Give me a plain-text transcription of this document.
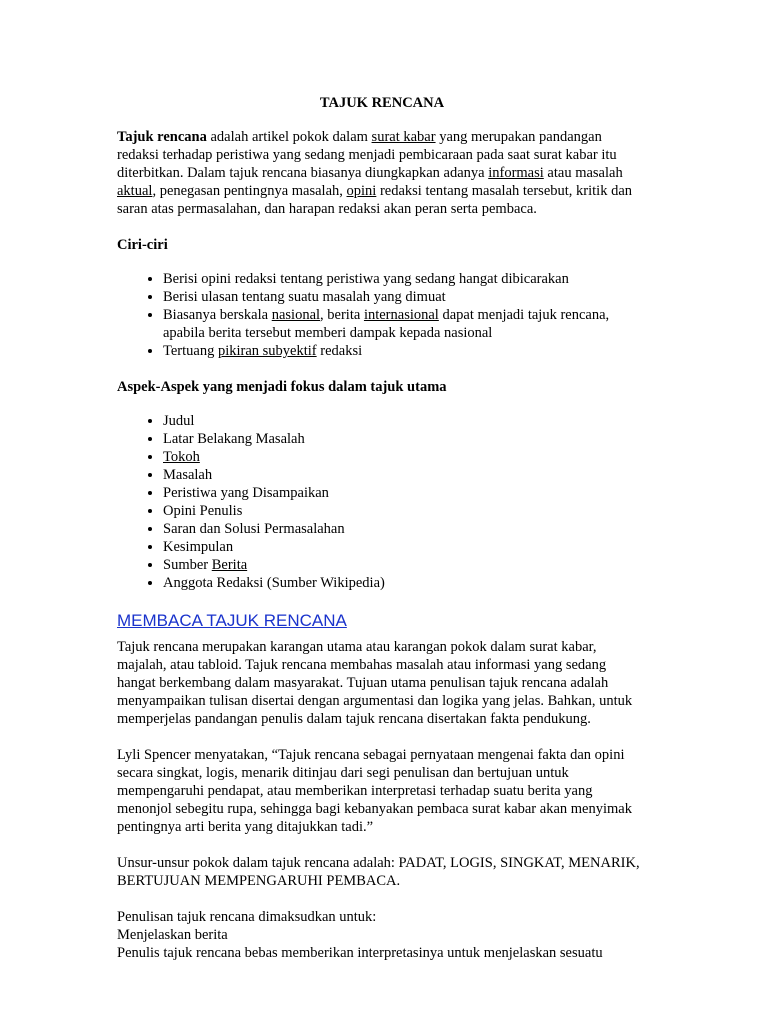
TAJUK RENCANA

Tajuk rencana adalah artikel pokok dalam surat kabar yang merupakan pandangan redaksi terhadap peristiwa yang sedang menjadi pembicaraan pada saat surat kabar itu diterbitkan. Dalam tajuk rencana biasanya diungkapkan adanya informasi atau masalah aktual, penegasan pentingnya masalah, opini redaksi tentang masalah tersebut, kritik dan saran atas permasalahan, dan harapan redaksi akan peran serta pembaca.

Ciri-ciri
• Berisi opini redaksi tentang peristiwa yang sedang hangat dibicarakan
• Berisi ulasan tentang suatu masalah yang dimuat
• Biasanya berskala nasional, berita internasional dapat menjadi tajuk rencana, apabila berita tersebut memberi dampak kepada nasional
• Tertuang pikiran subyektif redaksi
Aspek-Aspek yang menjadi fokus dalam tajuk utama
• Judul
• Latar Belakang Masalah
• Tokoh
• Masalah
• Peristiwa yang Disampaikan
• Opini Penulis
• Saran dan Solusi Permasalahan
• Kesimpulan
• Sumber Berita
• Anggota Redaksi (Sumber Wikipedia)
MEMBACA TAJUK RENCANA

Tajuk rencana merupakan karangan utama atau karangan pokok dalam surat kabar, majalah, atau tabloid. Tajuk rencana membahas masalah atau informasi yang sedang hangat berkembang dalam masyarakat. Tujuan utama penulisan tajuk rencana adalah menyampaikan tulisan disertai dengan argumentasi dan logika yang jelas. Bahkan, untuk memperjelas pandangan penulis dalam tajuk rencana disertakan fakta pendukung.

Lyli Spencer menyatakan, “Tajuk rencana sebagai pernyataan mengenai fakta dan opini secara singkat, logis, menarik ditinjau dari segi penulisan dan bertujuan untuk mempengaruhi pendapat, atau memberikan interpretasi terhadap suatu berita yang menonjol sebegitu rupa, sehingga bagi kebanyakan pembaca surat kabar akan menyimak pentingnya arti berita yang ditajukkan tadi.”

Unsur-unsur pokok dalam tajuk rencana adalah: PADAT, LOGIS, SINGKAT, MENARIK, BERTUJUAN MEMPENGARUHI PEMBACA.

Penulisan tajuk rencana dimaksudkan untuk:

Menjelaskan berita

Penulis tajuk rencana bebas memberikan interpretasinya untuk menjelaskan sesuatu
